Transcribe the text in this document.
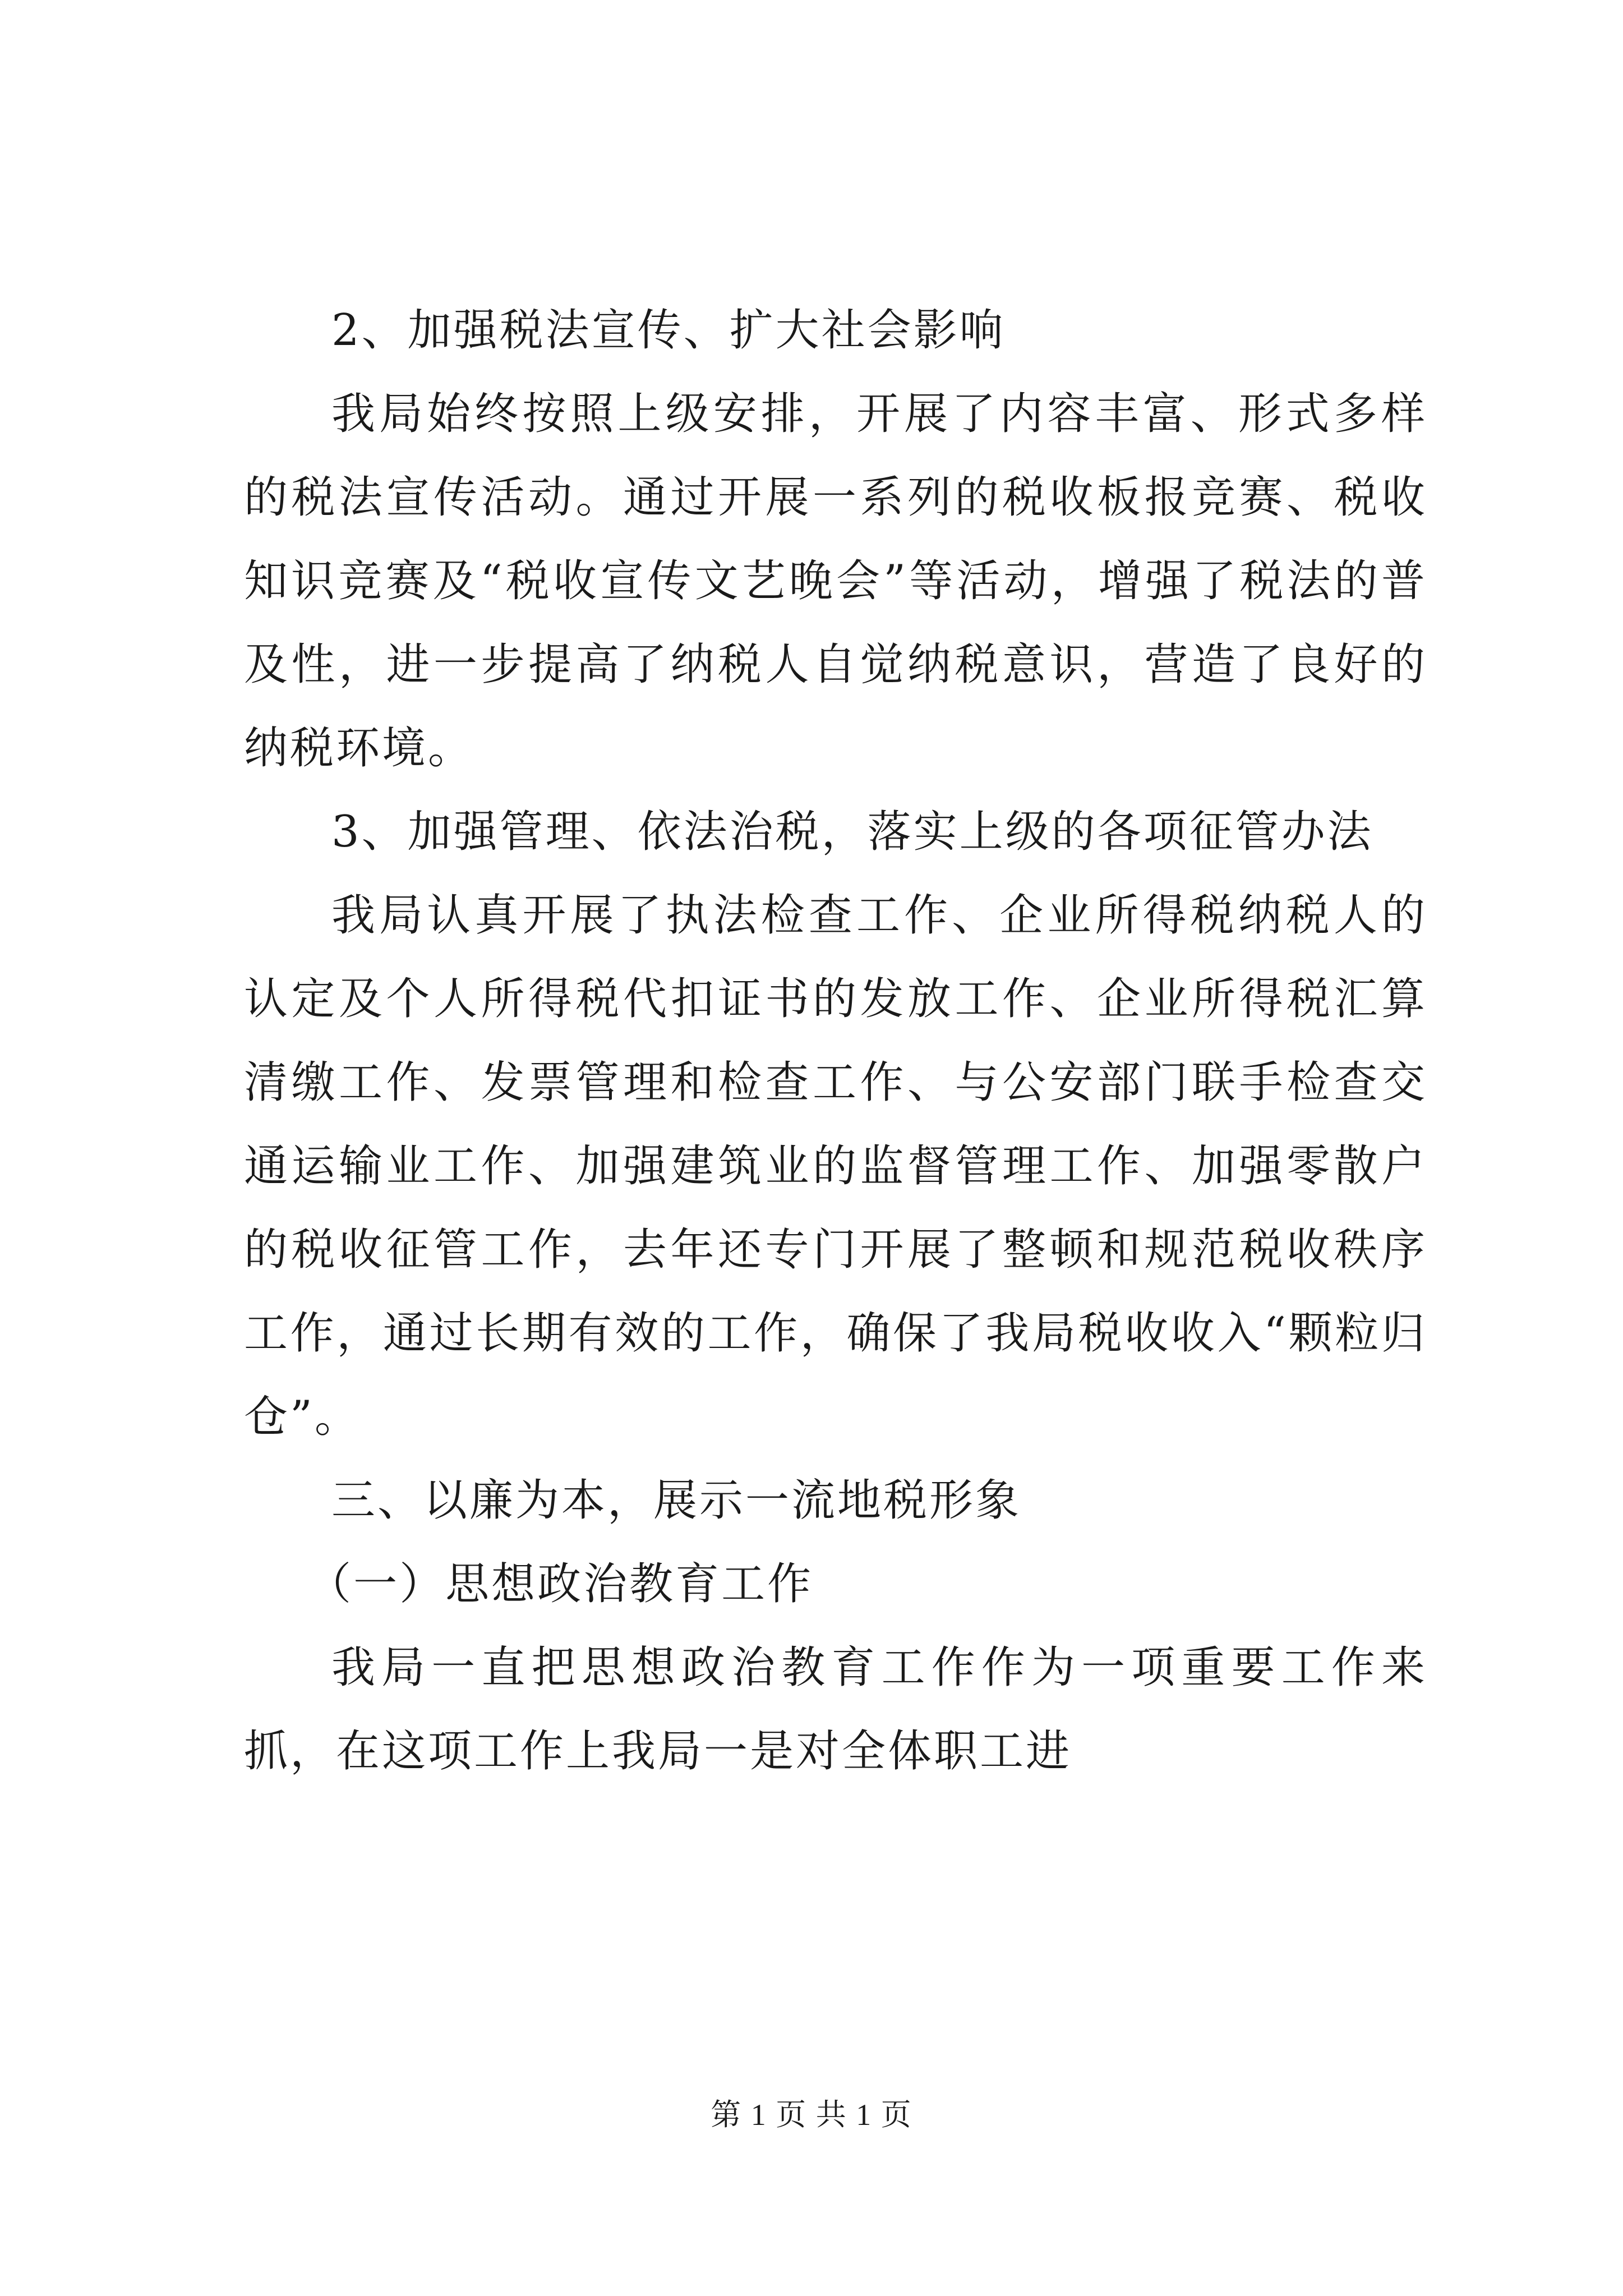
2、加强税法宣传、扩大社会影响

我局始终按照上级安排，开展了内容丰富、形式多样的税法宣传活动。通过开展一系列的税收板报竞赛、税收知识竞赛及“税收宣传文艺晚会”等活动，增强了税法的普及性，进一步提高了纳税人自觉纳税意识，营造了良好的纳税环境。

3、加强管理、依法治税，落实上级的各项征管办法

我局认真开展了执法检查工作、企业所得税纳税人的认定及个人所得税代扣证书的发放工作、企业所得税汇算清缴工作、发票管理和检查工作、与公安部门联手检查交通运输业工作、加强建筑业的监督管理工作、加强零散户的税收征管工作，去年还专门开展了整顿和规范税收秩序工作，通过长期有效的工作，确保了我局税收收入“颗粒归仓”。

三、以廉为本，展示一流地税形象

（一）思想政治教育工作

我局一直把思想政治教育工作作为一项重要工作来抓，在这项工作上我局一是对全体职工进

第 1 页 共 1 页
